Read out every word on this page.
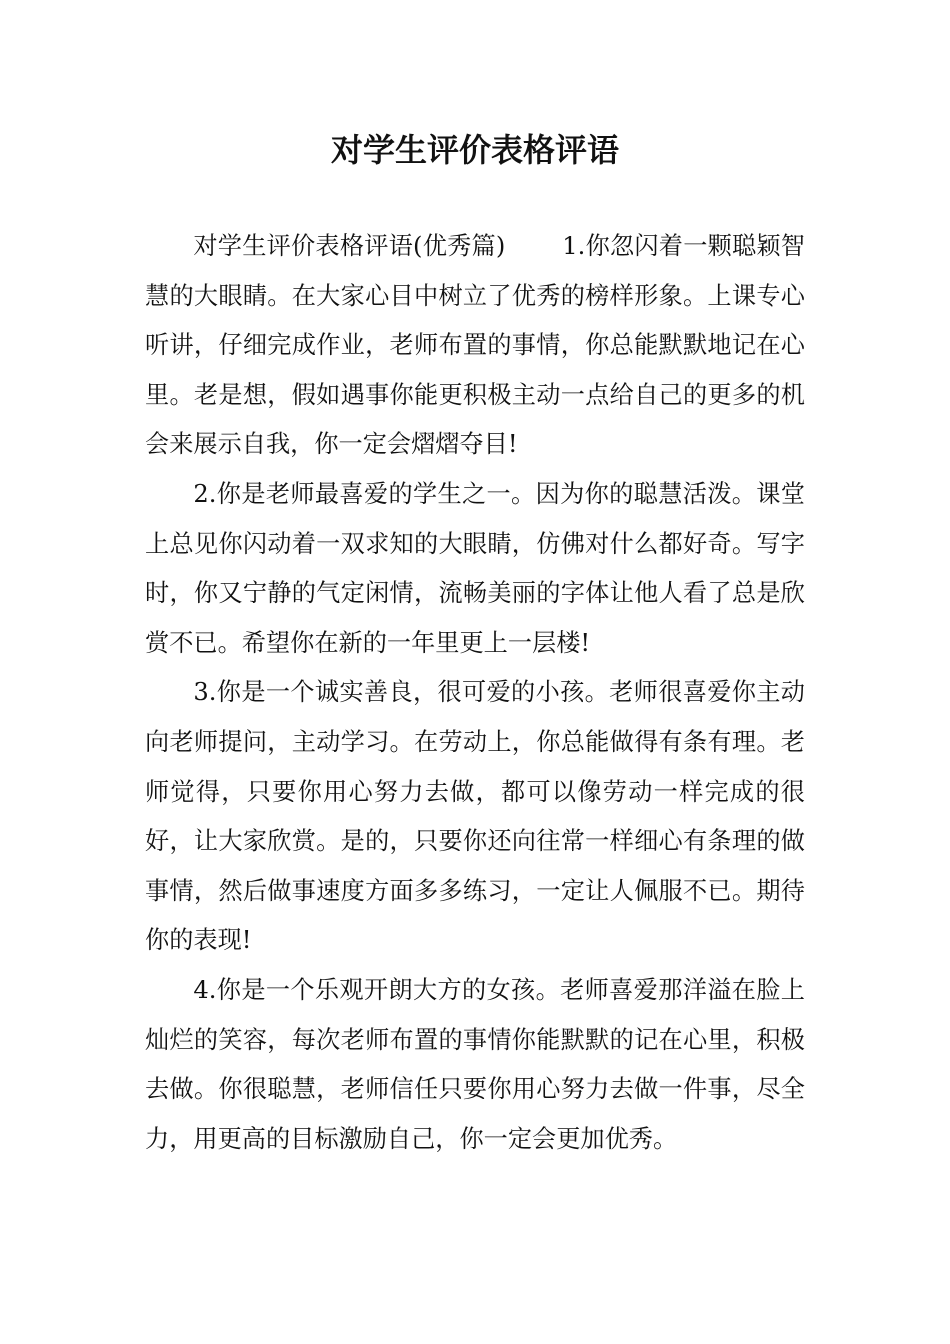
对学生评价表格评语

对学生评价表格评语(优秀篇)　　 1.你忽闪着一颗聪颖智慧的大眼睛。在大家心目中树立了优秀的榜样形象。上课专心听讲，仔细完成作业，老师布置的事情，你总能默默地记在心里。老是想，假如遇事你能更积极主动一点给自己的更多的机会来展示自我，你一定会熠熠夺目!

2.你是老师最喜爱的学生之一。因为你的聪慧活泼。课堂上总见你闪动着一双求知的大眼睛，仿佛对什么都好奇。写字时，你又宁静的气定闲情，流畅美丽的字体让他人看了总是欣赏不已。希望你在新的一年里更上一层楼!

3.你是一个诚实善良，很可爱的小孩。老师很喜爱你主动向老师提问，主动学习。在劳动上，你总能做得有条有理。老师觉得，只要你用心努力去做，都可以像劳动一样完成的很好，让大家欣赏。是的，只要你还向往常一样细心有条理的做事情，然后做事速度方面多多练习，一定让人佩服不已。期待你的表现!

4.你是一个乐观开朗大方的女孩。老师喜爱那洋溢在脸上灿烂的笑容，每次老师布置的事情你能默默的记在心里，积极去做。你很聪慧，老师信任只要你用心努力去做一件事，尽全力，用更高的目标激励自己，你一定会更加优秀。
